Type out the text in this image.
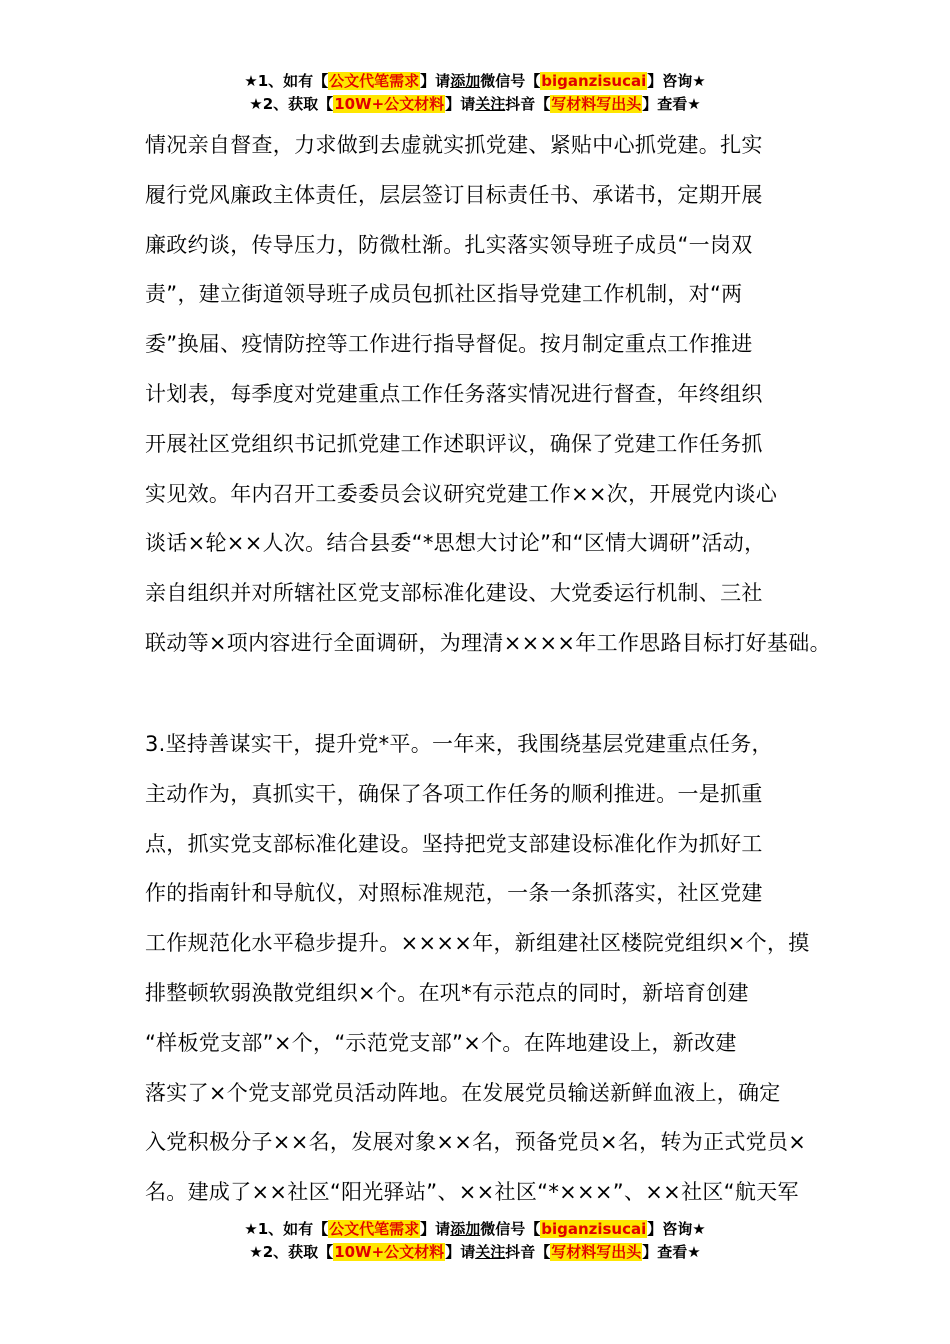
★1、如有【公文代笔需求】请添加微信号【biganzisucai】咨询★
★2、获取【10W+公文材料】请关注抖音【写材料写出头】查看★
情况亲自督查，力求做到去虚就实抓党建、紧贴中心抓党建。扎实
履行党风廉政主体责任，层层签订目标责任书、承诺书，定期开展
廉政约谈，传导压力，防微杜渐。扎实落实领导班子成员“一岗双
责”，建立街道领导班子成员包抓社区指导党建工作机制，对“两
委”换届、疫情防控等工作进行指导督促。按月制定重点工作推进
计划表，每季度对党建重点工作任务落实情况进行督查，年终组织
开展社区党组织书记抓党建工作述职评议，确保了党建工作任务抓
实见效。年内召开工委委员会议研究党建工作××次，开展党内谈心
谈话×轮××人次。结合县委“*思想大讨论”和“区情大调研”活动，
亲自组织并对所辖社区党支部标准化建设、大党委运行机制、三社
联动等×项内容进行全面调研，为理清××××年工作思路目标打好基础。
3.坚持善谋实干，提升党*平。一年来，我围绕基层党建重点任务，
主动作为，真抓实干，确保了各项工作任务的顺利推进。一是抓重
点，抓实党支部标准化建设。坚持把党支部建设标准化作为抓好工
作的指南针和导航仪，对照标准规范，一条一条抓落实，社区党建
工作规范化水平稳步提升。××××年，新组建社区楼院党组织×个，摸
排整顿软弱涣散党组织×个。在巩*有示范点的同时，新培育创建
“样板党支部”×个，“示范党支部”×个。在阵地建设上，新改建
落实了×个党支部党员活动阵地。在发展党员输送新鲜血液上，确定
入党积极分子××名，发展对象××名，预备党员×名，转为正式党员×
名。建成了××社区“阳光驿站”、××社区“*×××”、××社区“航天军
★1、如有【公文代笔需求】请添加微信号【biganzisucai】咨询★
★2、获取【10W+公文材料】请关注抖音【写材料写出头】查看★
